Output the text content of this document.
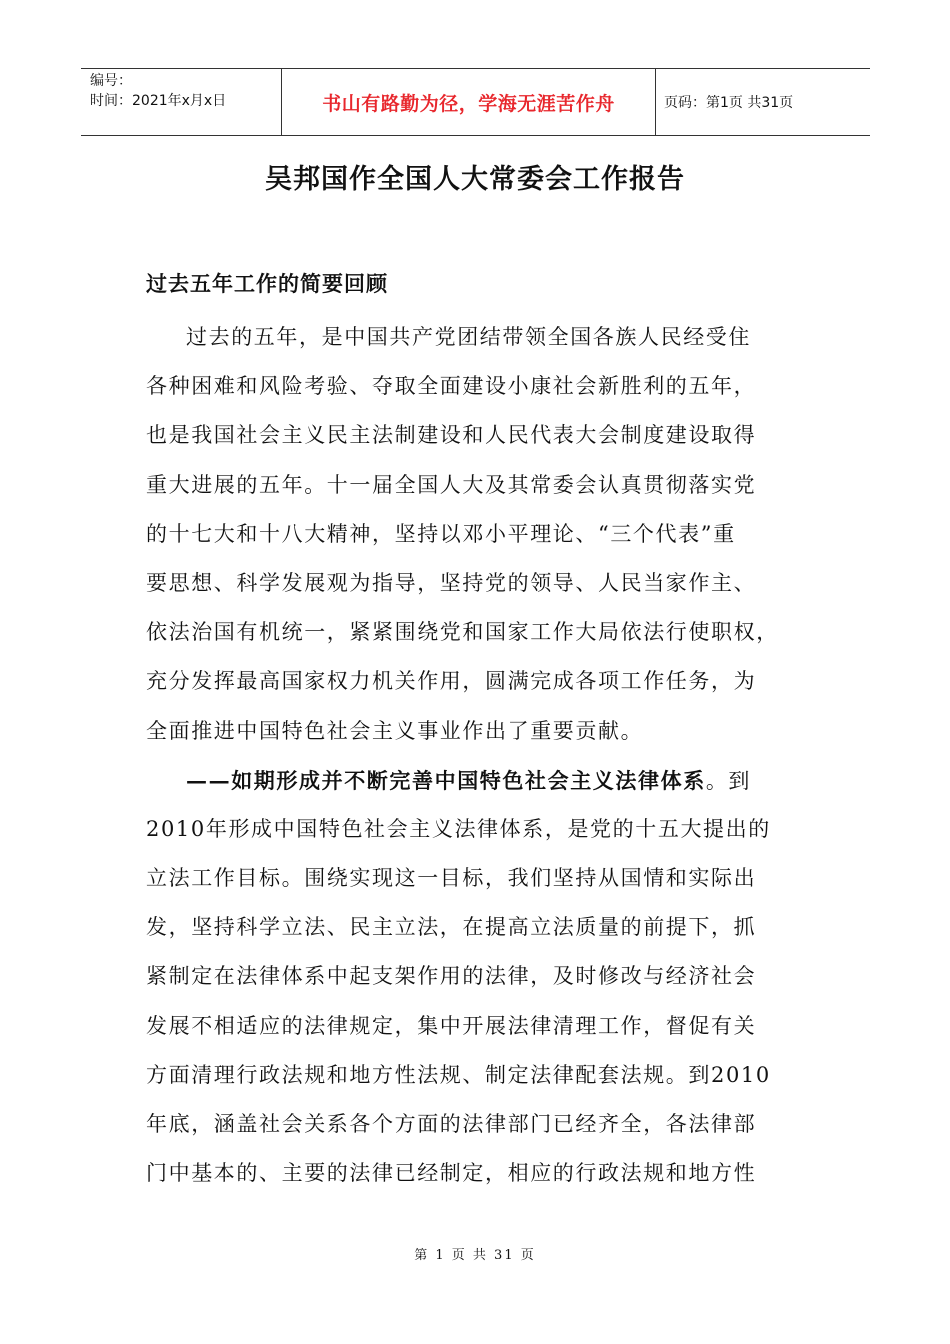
编号：
时间：2021年x月x日	书山有路勤为径，学海无涯苦作舟	页码：第1页 共31页
吴邦国作全国人大常委会工作报告
过去五年工作的简要回顾
过去的五年，是中国共产党团结带领全国各族人民经受住
各种困难和风险考验、夺取全面建设小康社会新胜利的五年，
也是我国社会主义民主法制建设和人民代表大会制度建设取得
重大进展的五年。十一届全国人大及其常委会认真贯彻落实党
的十七大和十八大精神，坚持以邓小平理论、“三个代表”重
要思想、科学发展观为指导，坚持党的领导、人民当家作主、
依法治国有机统一，紧紧围绕党和国家工作大局依法行使职权，
充分发挥最高国家权力机关作用，圆满完成各项工作任务，为
全面推进中国特色社会主义事业作出了重要贡献。
——如期形成并不断完善中国特色社会主义法律体系。到
2010年形成中国特色社会主义法律体系，是党的十五大提出的
立法工作目标。围绕实现这一目标，我们坚持从国情和实际出
发，坚持科学立法、民主立法，在提高立法质量的前提下，抓
紧制定在法律体系中起支架作用的法律，及时修改与经济社会
发展不相适应的法律规定，集中开展法律清理工作，督促有关
方面清理行政法规和地方性法规、制定法律配套法规。到2010
年底，涵盖社会关系各个方面的法律部门已经齐全，各法律部
门中基本的、主要的法律已经制定，相应的行政法规和地方性
第 1 页 共 31 页
